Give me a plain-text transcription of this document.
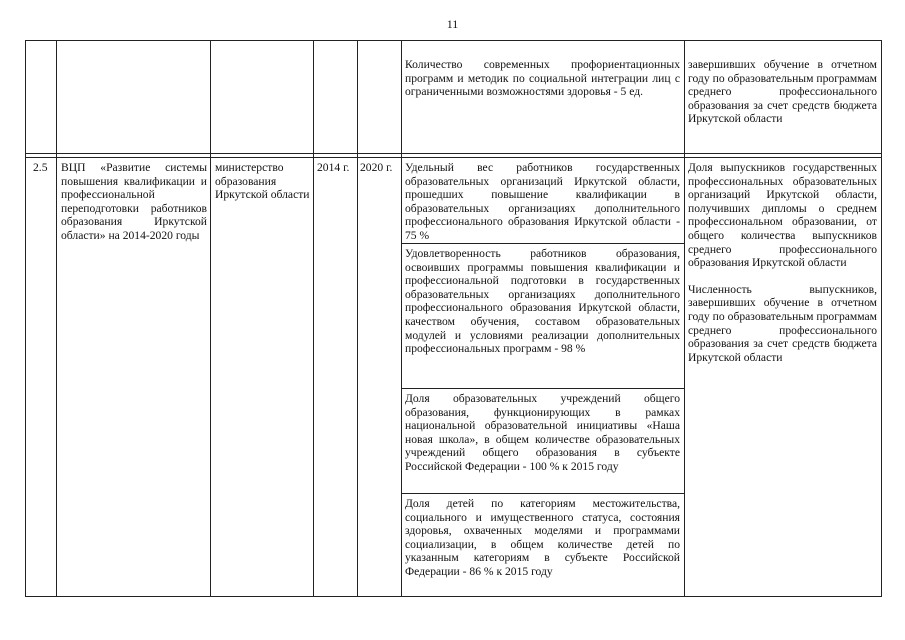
11
Количество современных профориентационных программ и методик по социальной интеграции лиц с ограниченными возможностями здоровья - 5 ед.
завершивших обучение в отчетном году по образовательным программам среднего профессионального образования за счет средств бюджета Иркутской области
2.5	ВЦП «Развитие системы повышения квалификации и профессиональной переподготовки работников образования Иркутской области» на 2014-2020 годы
министерство образования Иркутской области
2014 г. 2020 г.	Удельный вес работников государственных образовательных организаций Иркутской области, прошедших повышение квалификации в образовательных организациях дополнительного профессионального образования Иркутской области - 75 %
Удовлетворенность работников образования, освоивших программы повышения квалификации и профессиональной подготовки в государственных образовательных организациях дополнительного профессионального образования Иркутской области, качеством обучения, составом образовательных модулей и условиями реализации дополнительных профессиональных программ - 98 %
Доля образовательных учреждений общего образования, функционирующих в рамках национальной образовательной инициативы «Наша новая школа», в общем количестве образовательных учреждений общего образования в субъекте Российской Федерации - 100 % к 2015 году
Доля детей по категориям местожительства, социального и имущественного статуса, состояния здоровья, охваченных моделями и программами социализации, в общем количестве детей по указанным категориям в субъекте Российской Федерации - 86 % к 2015 году

Доля выпускников государственных профессиональных образовательных организаций Иркутской области, получивших дипломы о среднем профессиональном образовании, от общего количества выпускников среднего профессионального образования Иркутской области

Численность выпускников, завершивших обучение в отчетном году по образовательным программам среднего профессионального образования за счет средств бюджета Иркутской области
